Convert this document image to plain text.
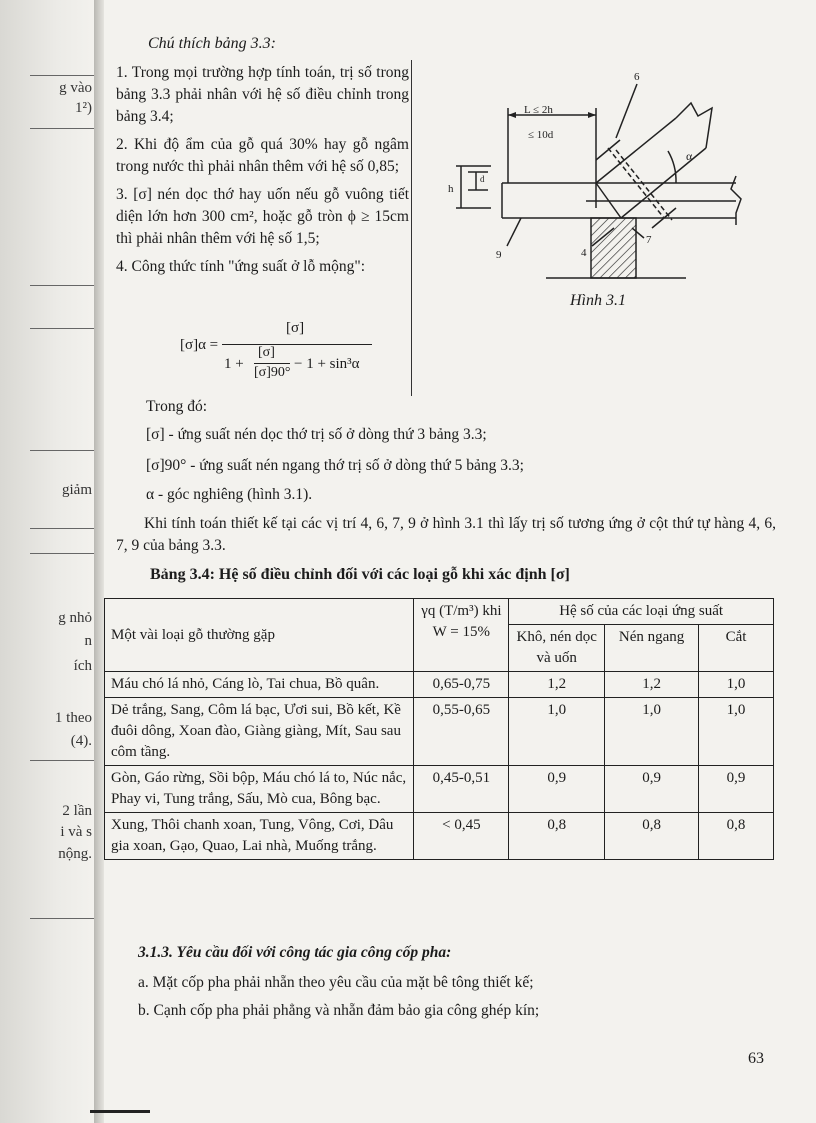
g vào
1²)
giảm
g nhỏ
n
ích
1 theo
(4).
2 lần
i và s
nộng.
Chú thích bảng 3.3:

1. Trong mọi trường hợp tính toán, trị số trong bảng 3.3 phải nhân với hệ số điều chỉnh trong bảng 3.4;

2. Khi độ ẩm của gỗ quá 30% hay gỗ ngâm trong nước thì phải nhân thêm với hệ số 0,85;

3. [σ] nén dọc thớ hay uốn nếu gỗ vuông tiết diện lớn hơn 300 cm², hoặc gỗ tròn ϕ ≥ 15cm thì phải nhân thêm với hệ số 1,5;

4. Công thức tính "ứng suất ở lỗ mộng":

[σ]α =
[σ]
1 +
[σ]
[σ]90°
− 1 + sin³α
6
L ≤ 2h
≤ 10d
α
h
d
9	4
7
Hình 3.1
Trong đó:
[σ] - ứng suất nén dọc thớ trị số ở dòng thứ 3 bảng 3.3;
[σ]90° - ứng suất nén ngang thớ trị số ở dòng thứ 5 bảng 3.3;
α - góc nghiêng (hình 3.1).
Khi tính toán thiết kế tại các vị trí 4, 6, 7, 9 ở hình 3.1 thì lấy trị số tương ứng ở cột thứ tự hàng 4, 6, 7, 9 của bảng 3.3.
Bảng 3.4: Hệ số điều chỉnh đối với các loại gỗ khi xác định [σ]
Một vài loại gỗ thường gặp	γq (T/m³) khi W = 15%	Hệ số của các loại ứng suất		
		Khô, nén dọc và uốn	Nén ngang	Cắt
Máu chó lá nhỏ, Cáng lò, Tai chua, Bồ quân.	0,65-0,75	1,2	1,2	1,0
Dẻ trắng, Sang, Côm lá bạc, Ươi sui, Bồ kết, Kề đuôi dông, Xoan đào, Giàng giàng, Mít, Sau sau côm tầng.	0,55-0,65	1,0	1,0	1,0
Gòn, Gáo rừng, Sồi bộp, Máu chó lá to, Núc nắc, Phay vi, Tung trắng, Sấu, Mò cua, Bông bạc.	0,45-0,51	0,9	0,9	0,9
Xung, Thôi chanh xoan, Tung, Vông, Cơi, Dâu gia xoan, Gạo, Quao, Lai nhà, Muống trắng.	< 0,45	0,8	0,8	0,8
3.1.3. Yêu cầu đối với công tác gia công cốp pha:
a. Mặt cốp pha phải nhẵn theo yêu cầu của mặt bê tông thiết kế;
b. Cạnh cốp pha phải phẳng và nhẵn đảm bảo gia công ghép kín;
63
